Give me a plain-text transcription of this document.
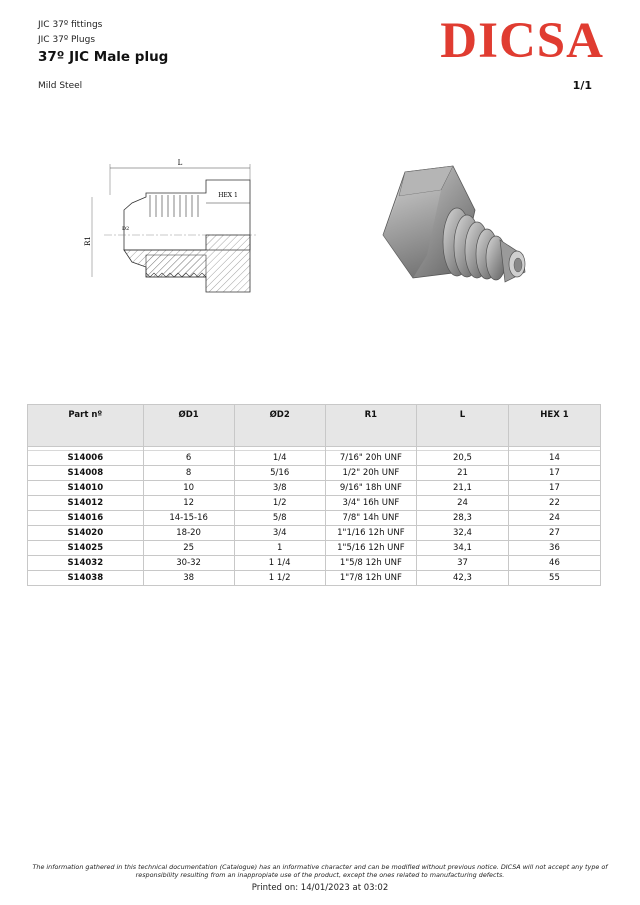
JIC 37º fittings
JIC 37º Plugs
37º JIC Male plug
Mild Steel	1/1
DICSA
L
R1
HEX 1
D2
Part nº	ØD1	ØD2	R1	L	HEX 1

S14006	6	1/4	7/16" 20h UNF	20,5	14
S14008	8	5/16	1/2" 20h UNF	21	17
S14010	10	3/8	9/16" 18h UNF	21,1	17
S14012	12	1/2	3/4" 16h UNF	24	22
S14016	14-15-16	5/8	7/8" 14h UNF	28,3	24
S14020	18-20	3/4	1"1/16 12h UNF	32,4	27
S14025	25	1	1"5/16 12h UNF	34,1	36
S14032	30-32	1 1/4	1"5/8 12h UNF	37	46
S14038	38	1 1/2	1"7/8 12h UNF	42,3	55
The information gathered in this technical documentation (Catalogue) has an informative character and can be modified without previous notice. DICSA will not accept any type of responsibility resulting from an inappropiate use of the product, except the ones related to manufacturing defects.
Printed on: 14/01/2023 at 03:02
